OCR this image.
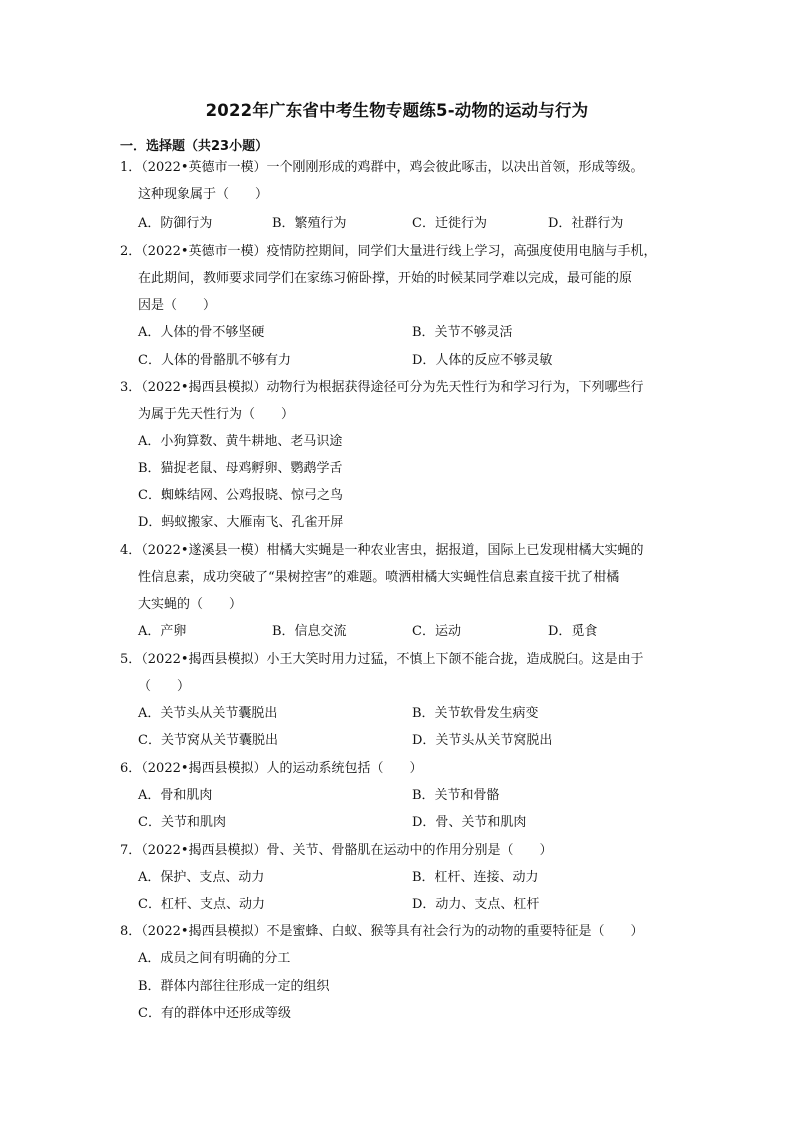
2022年广东省中考生物专题练5-动物的运动与行为
一．选择题（共23小题）
1．（2022•英德市一模）一个刚刚形成的鸡群中，鸡会彼此啄击，以决出首领，形成等级。
这种现象属于（　　）
A．防御行为	B．繁殖行为	C．迁徙行为	D．社群行为
2．（2022•英德市一模）疫情防控期间，同学们大量进行线上学习，高强度使用电脑与手机，
在此期间，教师要求同学们在家练习俯卧撑，开始的时候某同学难以完成，最可能的原
因是（　　）
A．人体的骨不够坚硬	B．关节不够灵活
C．人体的骨骼肌不够有力	D．人体的反应不够灵敏
3．（2022•揭西县模拟）动物行为根据获得途径可分为先天性行为和学习行为，下列哪些行
为属于先天性行为（　　）
A．小狗算数、黄牛耕地、老马识途
B．猫捉老鼠、母鸡孵卵、鹦鹉学舌
C．蜘蛛结网、公鸡报晓、惊弓之鸟
D．蚂蚁搬家、大雁南飞、孔雀开屏
4．（2022•遂溪县一模）柑橘大实蝇是一种农业害虫，据报道，国际上已发现柑橘大实蝇的
性信息素，成功突破了“果树控害”的难题。喷洒柑橘大实蝇性信息素直接干扰了柑橘
大实蝇的（　　）
A．产卵	B．信息交流	C．运动	D．觅食
5．（2022•揭西县模拟）小王大笑时用力过猛，不慎上下颌不能合拢，造成脱臼。这是由于
（　　）
A．关节头从关节囊脱出	B．关节软骨发生病变
C．关节窝从关节囊脱出	D．关节头从关节窝脱出
6．（2022•揭西县模拟）人的运动系统包括（　　）
A．骨和肌肉	B．关节和骨骼
C．关节和肌肉	D．骨、关节和肌肉
7．（2022•揭西县模拟）骨、关节、骨骼肌在运动中的作用分别是（　　）
A．保护、支点、动力	B．杠杆、连接、动力
C．杠杆、支点、动力	D．动力、支点、杠杆
8．（2022•揭西县模拟）不是蜜蜂、白蚁、猴等具有社会行为的动物的重要特征是（　　）
A．成员之间有明确的分工
B．群体内部往往形成一定的组织
C．有的群体中还形成等级
